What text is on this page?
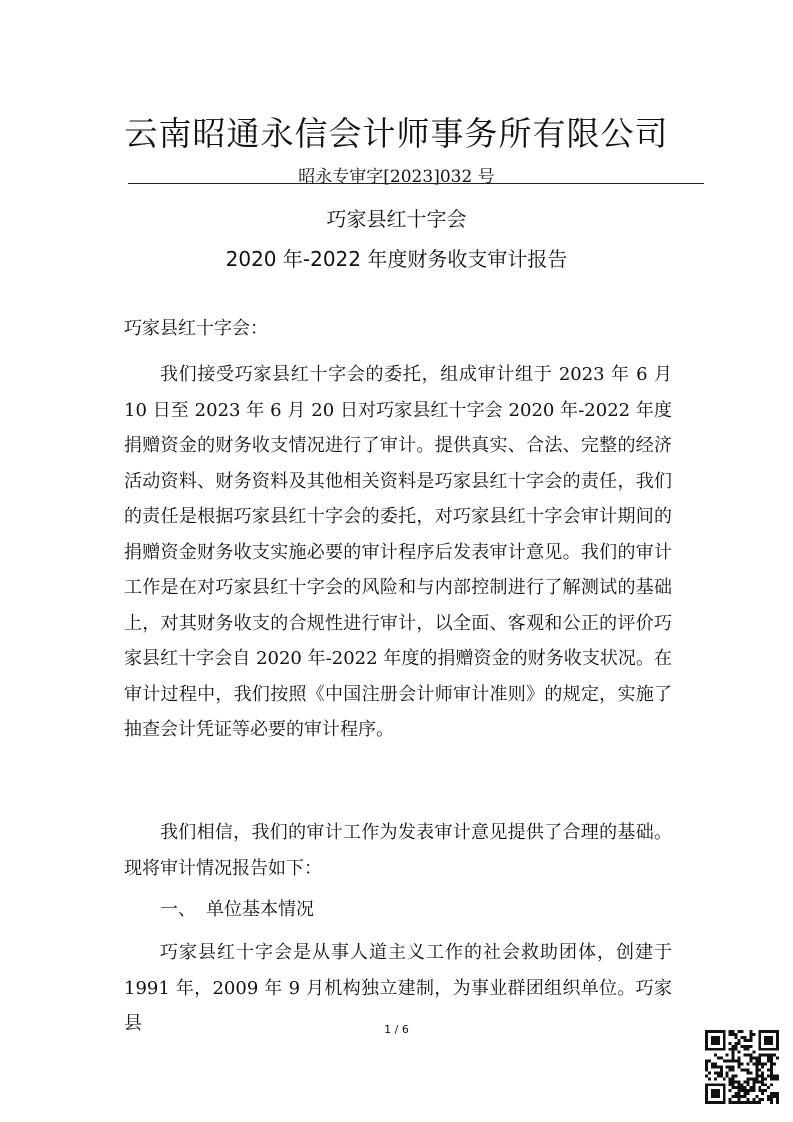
云南昭通永信会计师事务所有限公司
昭永专审字[2023]032 号
巧家县红十字会
2020 年-2022 年度财务收支审计报告
巧家县红十字会：
我们接受巧家县红十字会的委托，组成审计组于 2023 年 6 月 10 日至 2023 年 6 月 20 日对巧家县红十字会 2020 年-2022 年度捐赠资金的财务收支情况进行了审计。提供真实、合法、完整的经济活动资料、财务资料及其他相关资料是巧家县红十字会的责任，我们的责任是根据巧家县红十字会的委托，对巧家县红十字会审计期间的捐赠资金财务收支实施必要的审计程序后发表审计意见。我们的审计工作是在对巧家县红十字会的风险和与内部控制进行了解测试的基础上，对其财务收支的合规性进行审计，以全面、客观和公正的评价巧家县红十字会自 2020 年-2022 年度的捐赠资金的财务收支状况。在审计过程中，我们按照《中国注册会计师审计准则》的规定，实施了抽查会计凭证等必要的审计程序。
我们相信，我们的审计工作为发表审计意见提供了合理的基础。现将审计情况报告如下：
一、 单位基本情况
巧家县红十字会是从事人道主义工作的社会救助团体，创建于 1991 年，2009 年 9 月机构独立建制，为事业群团组织单位。巧家县	1 / 6
